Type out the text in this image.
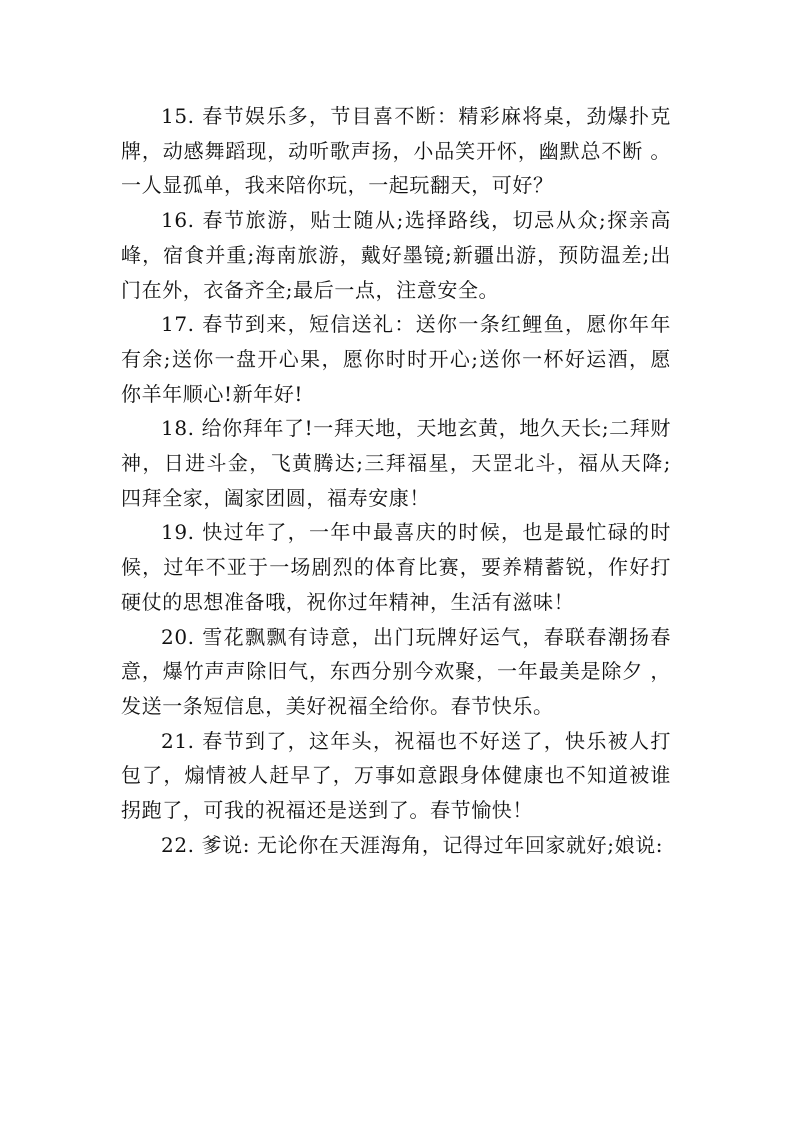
15. 春节娱乐多，节目喜不断：精彩麻将桌，劲爆扑克牌，动感舞蹈现，动听歌声扬，小品笑开怀，幽默总不断 。一人显孤单，我来陪你玩，一起玩翻天，可好？

16. 春节旅游，贴士随从;选择路线，切忌从众;探亲高峰，宿食并重;海南旅游，戴好墨镜;新疆出游，预防温差;出门在外，衣备齐全;最后一点，注意安全。

17. 春节到来，短信送礼：送你一条红鲤鱼，愿你年年有余;送你一盘开心果，愿你时时开心;送你一杯好运酒，愿你羊年顺心!新年好!

18. 给你拜年了!一拜天地，天地玄黄，地久天长;二拜财神，日进斗金，飞黄腾达;三拜福星，天罡北斗，福从天降;四拜全家，阖家团圆，福寿安康！

19. 快过年了，一年中最喜庆的时候，也是最忙碌的时候，过年不亚于一场剧烈的体育比赛，要养精蓄锐，作好打硬仗的思想准备哦，祝你过年精神，生活有滋味！

20. 雪花飘飘有诗意，出门玩牌好运气，春联春潮扬春意，爆竹声声除旧气，东西分别今欢聚，一年最美是除夕 ，发送一条短信息，美好祝福全给你。春节快乐。

21. 春节到了，这年头，祝福也不好送了，快乐被人打包了，煽情被人赶早了，万事如意跟身体健康也不知道被谁拐跑了，可我的祝福还是送到了。春节愉快！

22. 爹说: 无论你在天涯海角，记得过年回家就好;娘说:
